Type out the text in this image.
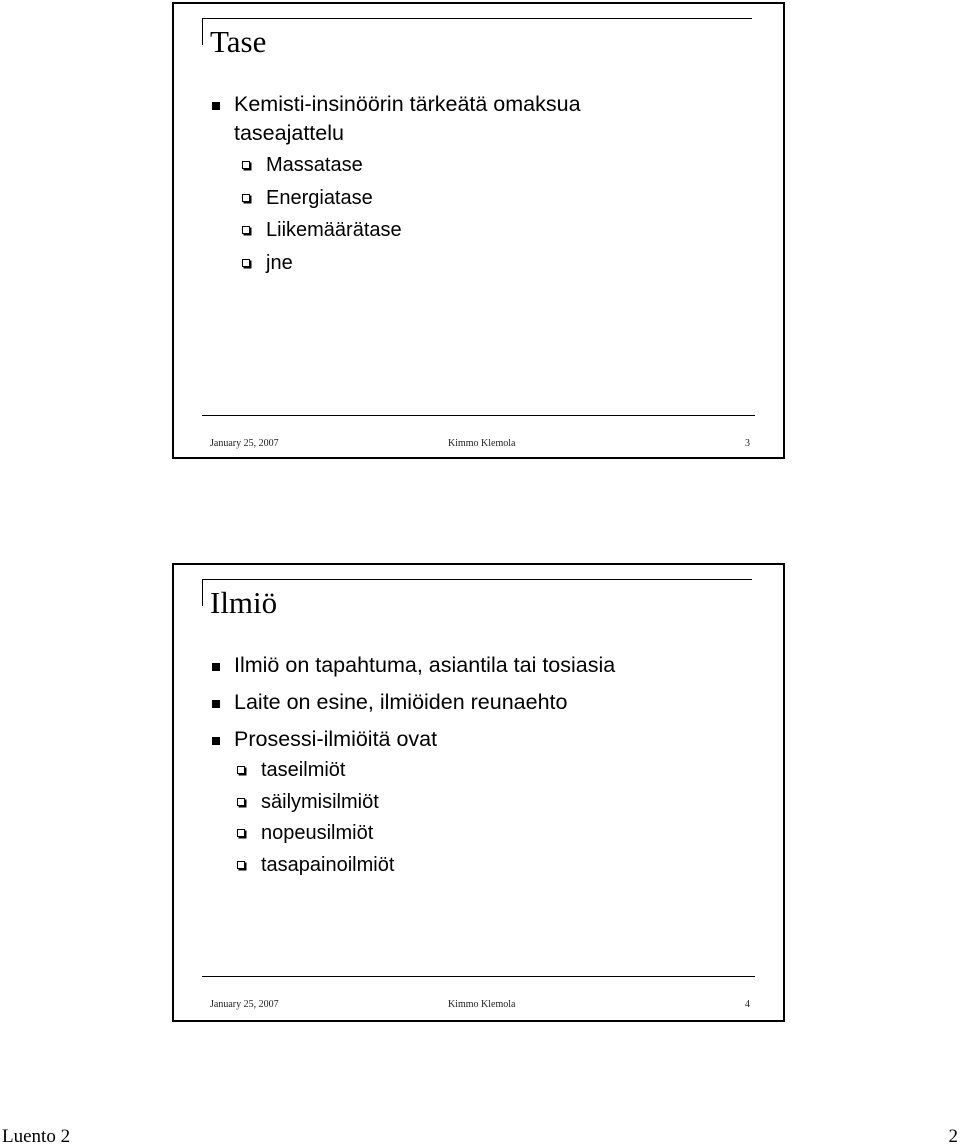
Tase
Kemisti-insinöörin tärkeätä omaksua taseajattelu
Massatase
Energiatase
Liikemäärätase
jne
January 25, 2007	Kimmo Klemola	3
Ilmiö
Ilmiö on tapahtuma, asiantila tai tosiasia
Laite on esine, ilmiöiden reunaehto
Prosessi-ilmiöitä ovat
taseilmiöt
säilymisilmiöt
nopeusilmiöt
tasapainoilmiöt
January 25, 2007	Kimmo Klemola	4
Luento 2	2
